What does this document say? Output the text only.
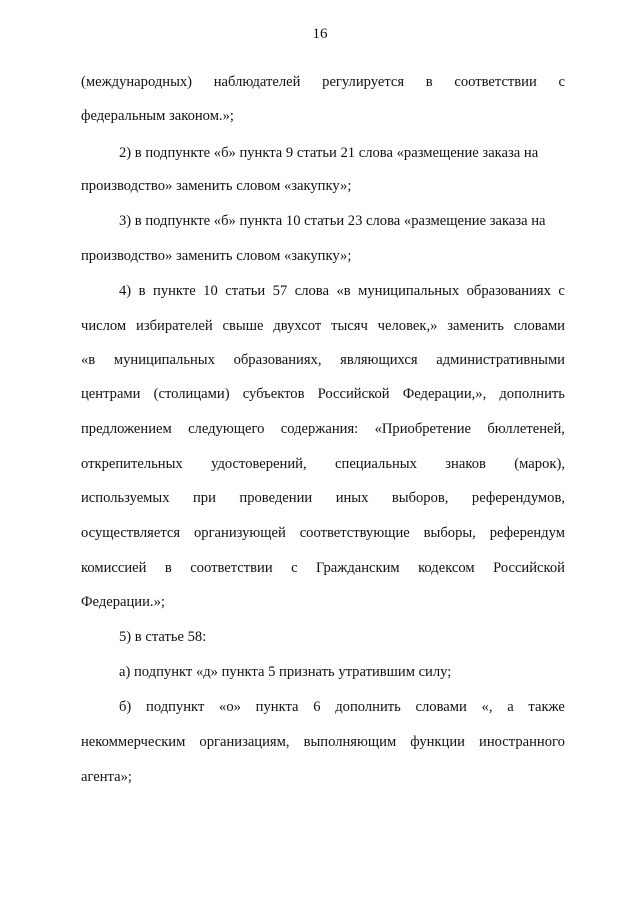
16
(международных) наблюдателей регулируется в соответствии с
федеральным законом.»;
2) в подпункте «б» пункта 9 статьи 21 слова «размещение заказа на
производство» заменить словом «закупку»;
3) в подпункте «б» пункта 10 статьи 23 слова «размещение заказа на
производство» заменить словом «закупку»;
4) в пункте 10 статьи 57 слова «в муниципальных образованиях с
числом избирателей свыше двухсот тысяч человек,» заменить словами
«в муниципальных образованиях, являющихся административными
центрами (столицами) субъектов Российской Федерации,», дополнить
предложением следующего содержания: «Приобретение бюллетеней,
открепительных удостоверений, специальных знаков (марок),
используемых при проведении иных выборов, референдумов,
осуществляется организующей соответствующие выборы, референдум
комиссией в соответствии с Гражданским кодексом Российской
Федерации.»;
5) в статье 58:
а) подпункт «д» пункта 5 признать утратившим силу;
б) подпункт «о» пункта 6 дополнить словами «, а также
некоммерческим организациям, выполняющим функции иностранного
агента»;
